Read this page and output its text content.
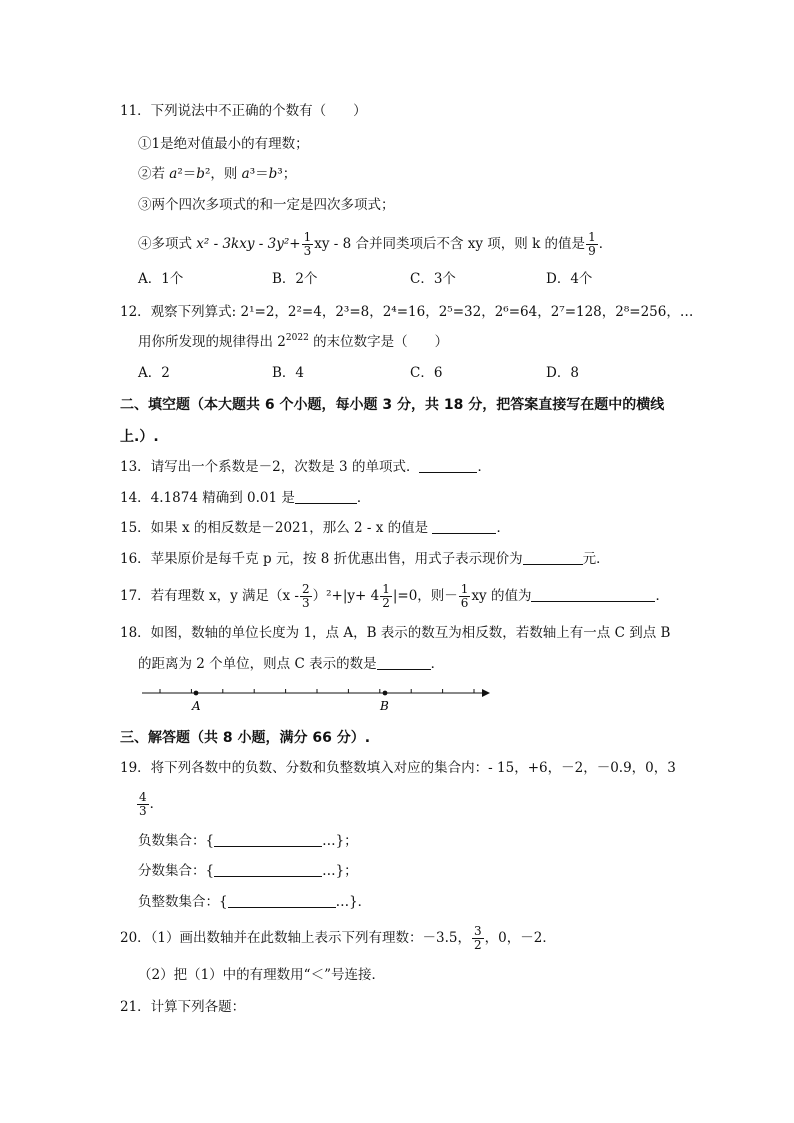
11．下列说法中不正确的个数有（　　）
①1是绝对值最小的有理数；
②若 a²＝b²，则 a³＝b³；
③两个四次多项式的和一定是四次多项式；
④多项式 $x^2 - 3kxy - 3y^2+ \frac{1}{3}$ xy - 8 合并同类项后不含 xy 项，则 k 的值是 $\frac{1}{9}$ ．
A．1个	B．2个	C．3个	D．4个
12．观察下列算式: 2¹=2，2²=4，2³=8，2⁴=16，2⁵=32，2⁶=64，2⁷=128，2⁸=256，…
用你所发现的规律得出 $2^{2022}$ 的末位数字是（　　）
A．2	B．4	C．6	D．8
二、填空题（本大题共 6 个小题，每小题 3 分，共 18 分，把答案直接写在题中的横线
上.）.
13．请写出一个系数是－2，次数是 3 的单项式．	．
14．4.1874 精确到 0.01 是	．
15．如果 x 的相反数是－2021，那么 2 - x 的值是	．
16．苹果原价是每千克 p 元，按 8 折优惠出售，用式子表示现价为	元．
17．若有理数 x，y 满足$(x - \frac{2}{3} )^2+|y+ 4 \frac{1}{2} |=0$，则－ $\frac{1}{6}$ xy 的值为	．
18．如图，数轴的单位长度为 1，点 A，B 表示的数互为相反数，若数轴上有一点 C 到点 B
的距离为 2 个单位，则点 C 表示的数是	．
A	B
三、解答题（共 8 小题，满分 66 分）.
19．将下列各数中的负数、分数和负整数填入对应的集合内：- 15，+6，－2，－0.9，0，3
$\frac{4}{3}$ ．
负数集合：{	…}；
分数集合：{	…}；
负整数集合：{	…}．
20．（1）画出数轴并在此数轴上表示下列有理数：－3.5， $\frac{3}{2}$ ，0，－2．
（2）把（1）中的有理数用“＜”号连接．
21．计算下列各题：
